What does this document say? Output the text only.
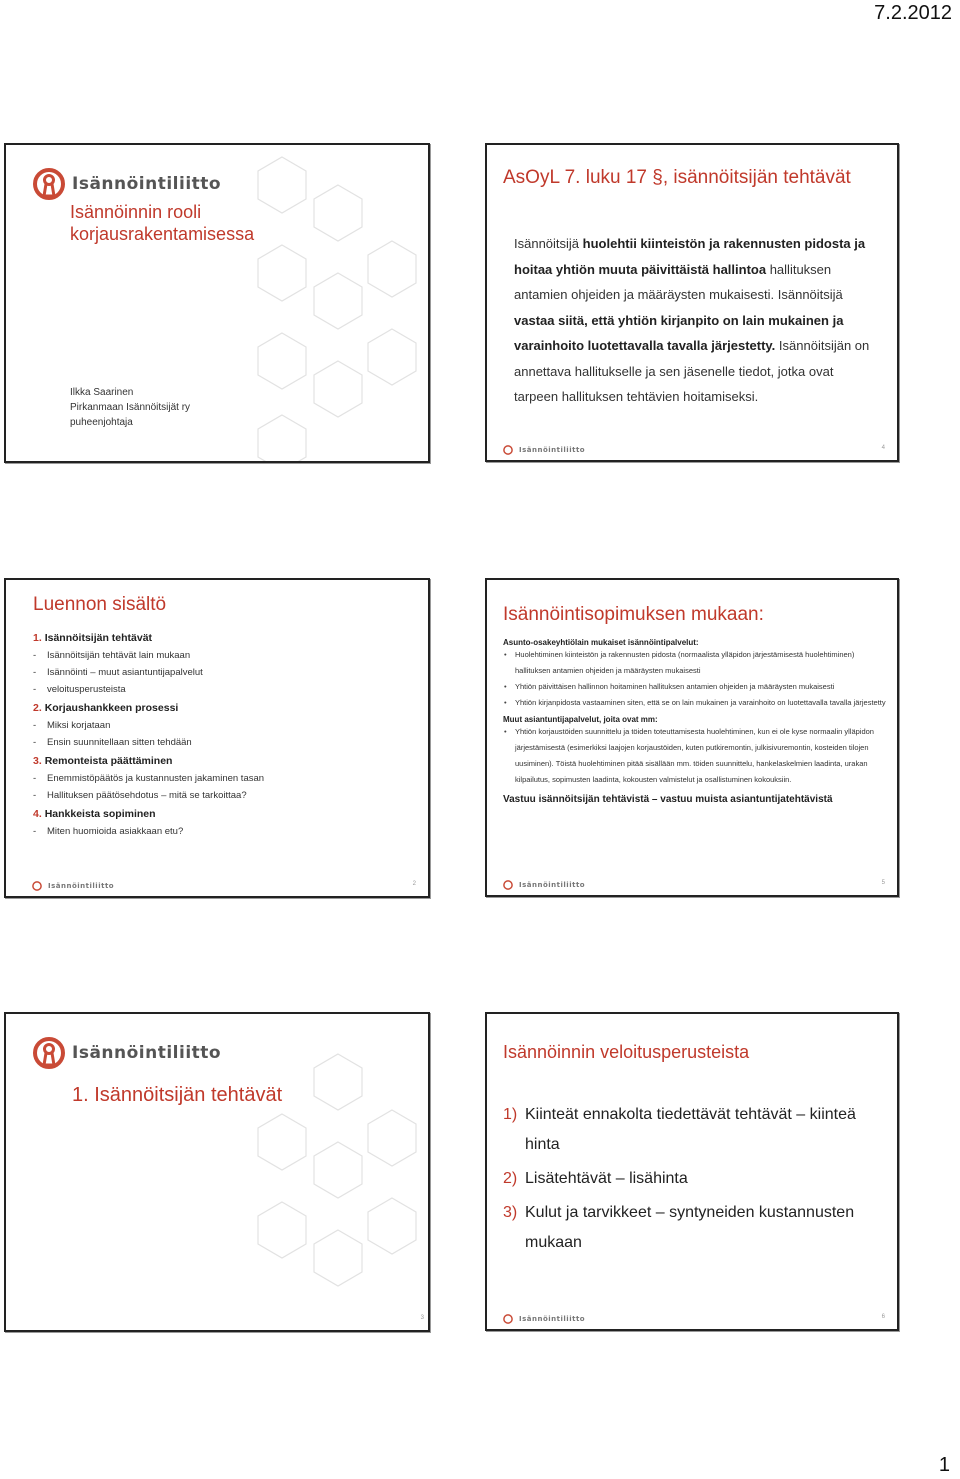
7.2.2012
Isännöintiliitto
Isännöinnin rooli korjausrakentamisessa
Ilkka Saarinen
Pirkanmaan Isännöitsijät ry
puheenjohtaja
AsOyL 7. luku 17 §, isännöitsijän tehtävät
Isännöitsijä huolehtii kiinteistön ja rakennusten pidosta ja hoitaa yhtiön muuta päivittäistä hallintoa hallituksen antamien ohjeiden ja määräysten mukaisesti. Isännöitsijä vastaa siitä, että yhtiön kirjanpito on lain mukainen ja varainhoito luotettavalla tavalla järjestetty. Isännöitsijän on annettava hallitukselle ja sen jäsenelle tiedot, jotka ovat tarpeen hallituksen tehtävien hoitamiseksi.
Isännöintiliitto	4
Luennon sisältö
1. Isännöitsijän tehtävät
- Isännöitsijän tehtävät lain mukaan
- Isännöinti – muut asiantuntijapalvelut
- veloitusperusteista
2. Korjaushankkeen prosessi
- Miksi korjataan
- Ensin suunnitellaan sitten tehdään
3. Remonteista päättäminen
- Enemmistöpäätös ja kustannusten jakaminen tasan
- Hallituksen päätösehdotus – mitä se tarkoittaa?
4. Hankkeista sopiminen
- Miten huomioida asiakkaan etu?
Isännöintiliitto	2
Isännöintisopimuksen mukaan:
Asunto-osakeyhtiölain mukaiset isännöintipalvelut:
• Huolehtiminen kiinteistön ja rakennusten pidosta (normaalista ylläpidon järjestämisestä huolehtiminen) hallituksen antamien ohjeiden ja määräysten mukaisesti
• Yhtiön päivittäisen hallinnon hoitaminen hallituksen antamien ohjeiden ja määräysten mukaisesti
• Yhtiön kirjanpidosta vastaaminen siten, että se on lain mukainen ja varainhoito on luotettavalla tavalla järjestetty
Muut asiantuntijapalvelut, joita ovat mm:
• Yhtiön korjaustöiden suunnittelu ja töiden toteuttamisesta huolehtiminen, kun ei ole kyse normaalin ylläpidon järjestämisestä (esimerkiksi laajojen korjaustöiden, kuten putkiremontin, julkisivuremontin, kosteiden tilojen uusiminen). Töistä huolehtiminen pitää sisällään mm. töiden suunnittelu, hankelaskelmien laadinta, urakan kilpailutus, sopimusten laadinta, kokousten valmistelut ja osallistuminen kokouksiin.
Vastuu isännöitsijän tehtävistä – vastuu muista asiantuntijatehtävistä
Isännöintiliitto	5
Isännöintiliitto
1. Isännöitsijän tehtävät
3
Isännöinnin veloitusperusteista
1) Kiinteät ennakolta tiedettävät tehtävät – kiinteä hinta
2) Lisätehtävät – lisähinta
3) Kulut ja tarvikkeet – syntyneiden kustannusten mukaan
Isännöintiliitto	6
1
